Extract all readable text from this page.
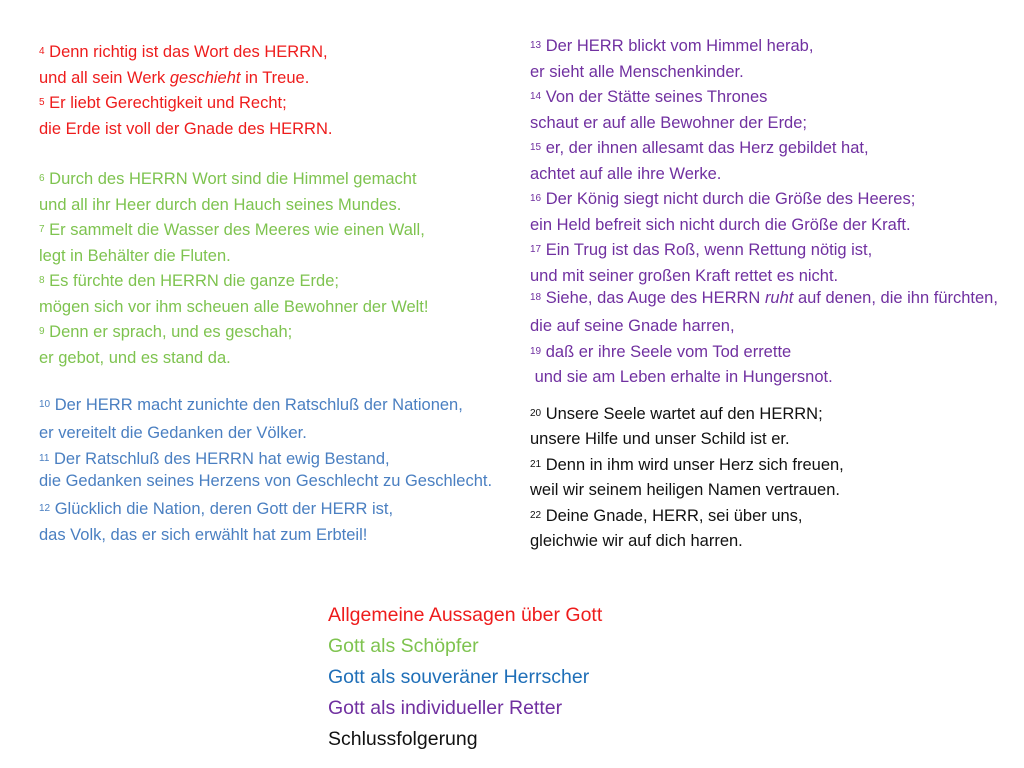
$^4$ Denn richtig ist das Wort des HERRN,

und all sein Werk geschieht in Treue.

$^5$ Er liebt Gerechtigkeit und Recht;

die Erde ist voll der Gnade des HERRN.

$^6$ Durch des HERRN Wort sind die Himmel gemacht

und all ihr Heer durch den Hauch seines Mundes.

$^7$ Er sammelt die Wasser des Meeres wie einen Wall,

legt in Behälter die Fluten.

$^8$ Es fürchte den HERRN die ganze Erde;

mögen sich vor ihm scheuen alle Bewohner der Welt!

$^9$ Denn er sprach, und es geschah;

er gebot, und es stand da.

$^{10}$ Der HERR macht zunichte den Ratschluß der Nationen,

er vereitelt die Gedanken der Völker.

$^{11}$ Der Ratschluß des HERRN hat ewig Bestand,

die Gedanken seines Herzens von Geschlecht zu Geschlecht.

$^{12}$ Glücklich die Nation, deren Gott der HERR ist,

das Volk, das er sich erwählt hat zum Erbteil!

$^{13}$ Der HERR blickt vom Himmel herab,

er sieht alle Menschenkinder.

$^{14}$ Von der Stätte seines Thrones

schaut er auf alle Bewohner der Erde;

$^{15}$ er, der ihnen allesamt das Herz gebildet hat,

achtet auf alle ihre Werke.

$^{16}$ Der König siegt nicht durch die Größe des Heeres;

ein Held befreit sich nicht durch die Größe der Kraft.

$^{17}$ Ein Trug ist das Roß, wenn Rettung nötig ist,

und mit seiner großen Kraft rettet es nicht.

$^{18}$ Siehe, das Auge des HERRN ruht auf denen, die ihn fürchten,

die auf seine Gnade harren,

$^{19}$ daß er ihre Seele vom Tod errette

und sie am Leben erhalte in Hungersnot.

$^{20}$ Unsere Seele wartet auf den HERRN;

unsere Hilfe und unser Schild ist er.

$^{21}$ Denn in ihm wird unser Herz sich freuen,

weil wir seinem heiligen Namen vertrauen.

$^{22}$ Deine Gnade, HERR, sei über uns,

gleichwie wir auf dich harren.

Allgemeine Aussagen über Gott

Gott als Schöpfer

Gott als souveräner Herrscher

Gott als individueller Retter

Schlussfolgerung
